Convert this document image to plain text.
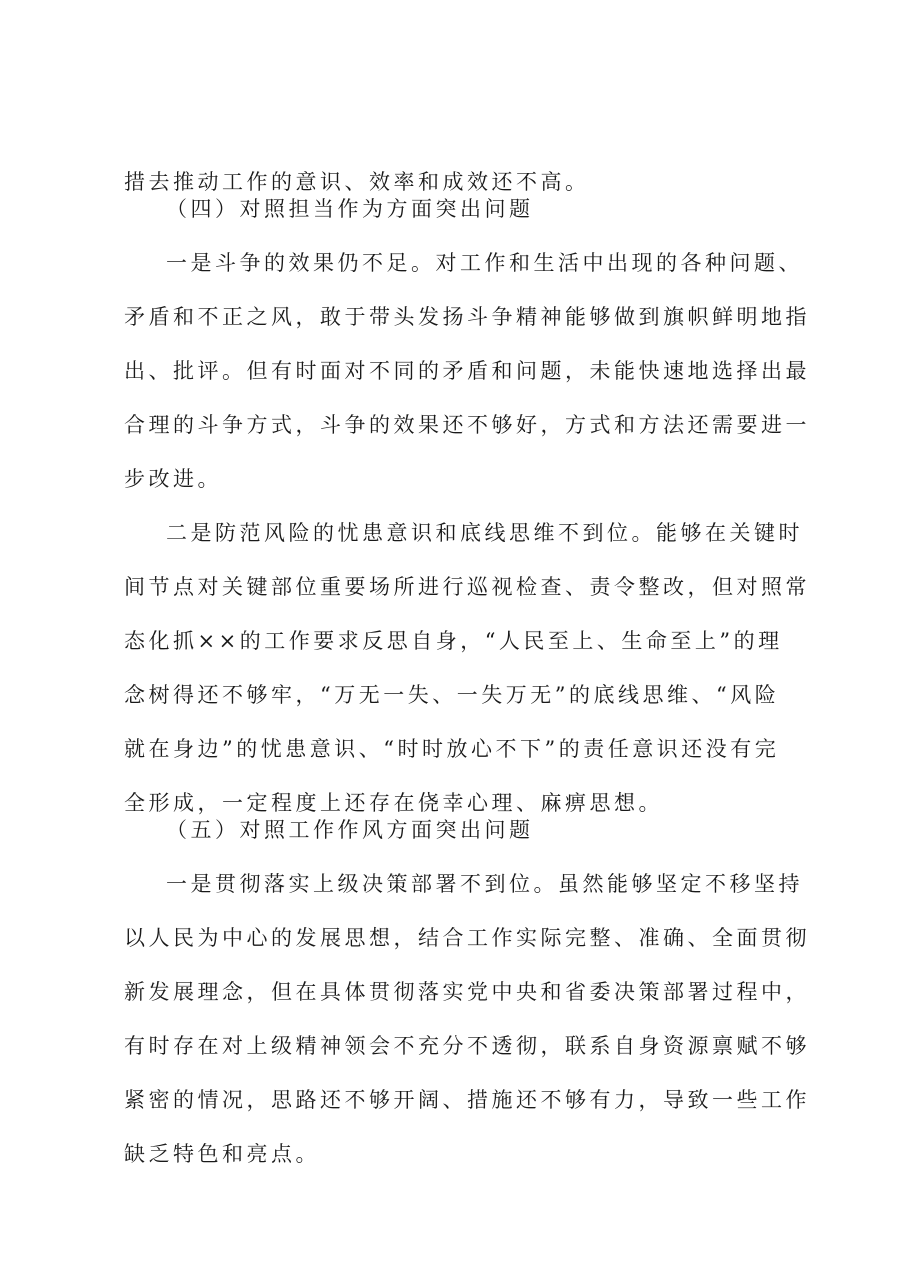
措去推动工作的意识、效率和成效还不高。
（四）对照担当作为方面突出问题
一是斗争的效果仍不足。对工作和生活中出现的各种问题、
矛盾和不正之风，敢于带头发扬斗争精神能够做到旗帜鲜明地指
出、批评。但有时面对不同的矛盾和问题，未能快速地选择出最
合理的斗争方式，斗争的效果还不够好，方式和方法还需要进一
步改进。
二是防范风险的忧患意识和底线思维不到位。能够在关键时
间节点对关键部位重要场所进行巡视检查、责令整改，但对照常
态化抓××的工作要求反思自身，“人民至上、生命至上”的理
念树得还不够牢，“万无一失、一失万无”的底线思维、“风险
就在身边”的忧患意识、“时时放心不下”的责任意识还没有完
全形成，一定程度上还存在侥幸心理、麻痹思想。
（五）对照工作作风方面突出问题
一是贯彻落实上级决策部署不到位。虽然能够坚定不移坚持
以人民为中心的发展思想，结合工作实际完整、准确、全面贯彻
新发展理念，但在具体贯彻落实党中央和省委决策部署过程中，
有时存在对上级精神领会不充分不透彻，联系自身资源禀赋不够
紧密的情况，思路还不够开阔、措施还不够有力，导致一些工作
缺乏特色和亮点。
